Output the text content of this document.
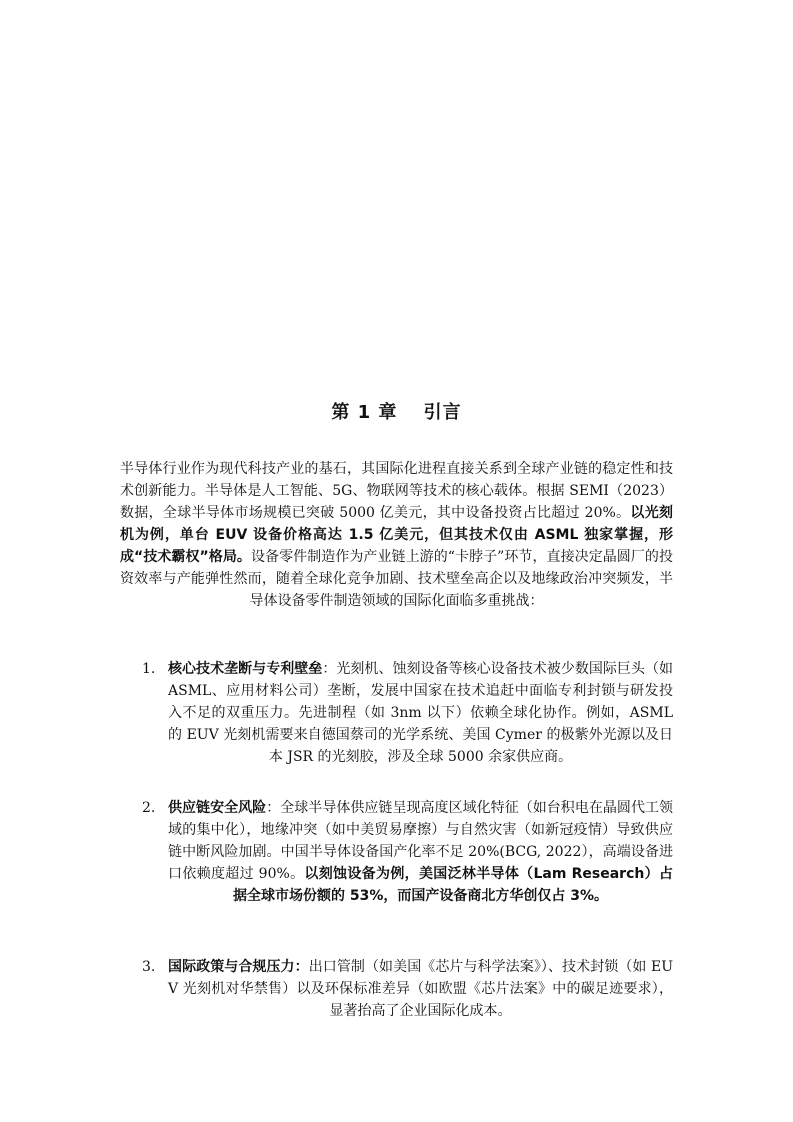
第 1 章　 引言
半导体行业作为现代科技产业的基石，其国际化进程直接关系到全球产业链的稳定性和技术创新能力。半导体是人工智能、5G、物联网等技术的核心载体。根据 SEMI（2023）数据，全球半导体市场规模已突破 5000 亿美元，其中设备投资占比超过 20%。以光刻机为例，单台 EUV 设备价格高达 1.5 亿美元，但其技术仅由 ASML 独家掌握，形成“技术霸权”格局。设备零件制造作为产业链上游的“卡脖子”环节，直接决定晶圆厂的投资效率与产能弹性然而，随着全球化竞争加剧、技术壁垒高企以及地缘政治冲突频发，半导体设备零件制造领域的国际化面临多重挑战：
1. 核心技术垄断与专利壁垒：光刻机、蚀刻设备等核心设备技术被少数国际巨头（如 ASML、应用材料公司）垄断，发展中国家在技术追赶中面临专利封锁与研发投入不足的双重压力。先进制程（如 3nm 以下）依赖全球化协作。例如，ASML 的 EUV 光刻机需要来自德国蔡司的光学系统、美国 Cymer 的极紫外光源以及日本 JSR 的光刻胶，涉及全球 5000 余家供应商。
2. 供应链安全风险：全球半导体供应链呈现高度区域化特征（如台积电在晶圆代工领域的集中化），地缘冲突（如中美贸易摩擦）与自然灾害（如新冠疫情）导致供应链中断风险加剧。中国半导体设备国产化率不足 20%(BCG, 2022），高端设备进口依赖度超过 90%。以刻蚀设备为例，美国泛林半导体（Lam Research）占据全球市场份额的 53%，而国产设备商北方华创仅占 3%。
3. 国际政策与合规压力：出口管制（如美国《芯片与科学法案》）、技术封锁（如 EUV 光刻机对华禁售）以及环保标准差异（如欧盟《芯片法案》中的碳足迹要求），显著抬高了企业国际化成本。
